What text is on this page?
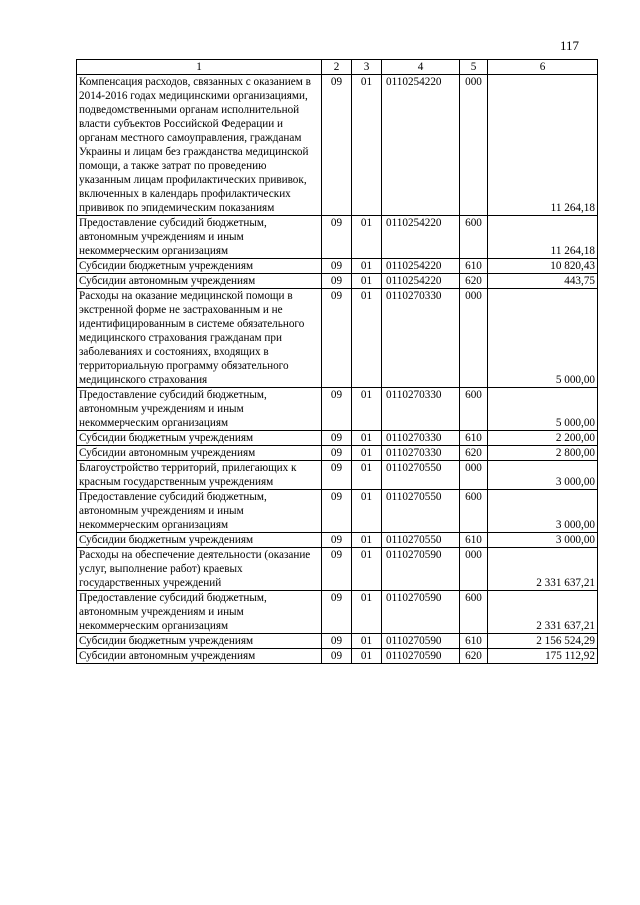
117
1	2	3	4	5	6
Компенсация расходов, связанных с оказанием в 2014-2016 годах медицинскими организациями, подведомственными органам исполнительной власти субъектов Российской Федерации и органам местного самоуправления, гражданам Украины и лицам без гражданства медицинской помощи, а также затрат по проведению указанным лицам профилактических прививок, включенных в календарь профилактических прививок по эпидемическим показаниям	09	01	0110254220	000	11 264,18
Предоставление субсидий бюджетным, автономным учреждениям и иным некоммерческим организациям	09	01	0110254220	600	11 264,18
Субсидии бюджетным учреждениям	09	01	0110254220	610	10 820,43
Субсидии автономным учреждениям	09	01	0110254220	620	443,75
Расходы на оказание медицинской помощи в экстренной форме не застрахованным и не идентифицированным в системе обязательного медицинского страхования гражданам при заболеваниях и состояниях, входящих в территориальную программу обязательного медицинского страхования	09	01	0110270330	000	5 000,00
Предоставление субсидий бюджетным, автономным учреждениям и иным некоммерческим организациям	09	01	0110270330	600	5 000,00
Субсидии бюджетным учреждениям	09	01	0110270330	610	2 200,00
Субсидии автономным учреждениям	09	01	0110270330	620	2 800,00
Благоустройство территорий, прилегающих к красным государственным учреждениям	09	01	0110270550	000	3 000,00
Предоставление субсидий бюджетным, автономным учреждениям и иным некоммерческим организациям	09	01	0110270550	600	3 000,00
Субсидии бюджетным учреждениям	09	01	0110270550	610	3 000,00
Расходы на обеспечение деятельности (оказание услуг, выполнение работ) краевых государственных учреждений	09	01	0110270590	000	2 331 637,21
Предоставление субсидий бюджетным, автономным учреждениям и иным некоммерческим организациям	09	01	0110270590	600	2 331 637,21
Субсидии бюджетным учреждениям	09	01	0110270590	610	2 156 524,29
Субсидии автономным учреждениям	09	01	0110270590	620	175 112,92
